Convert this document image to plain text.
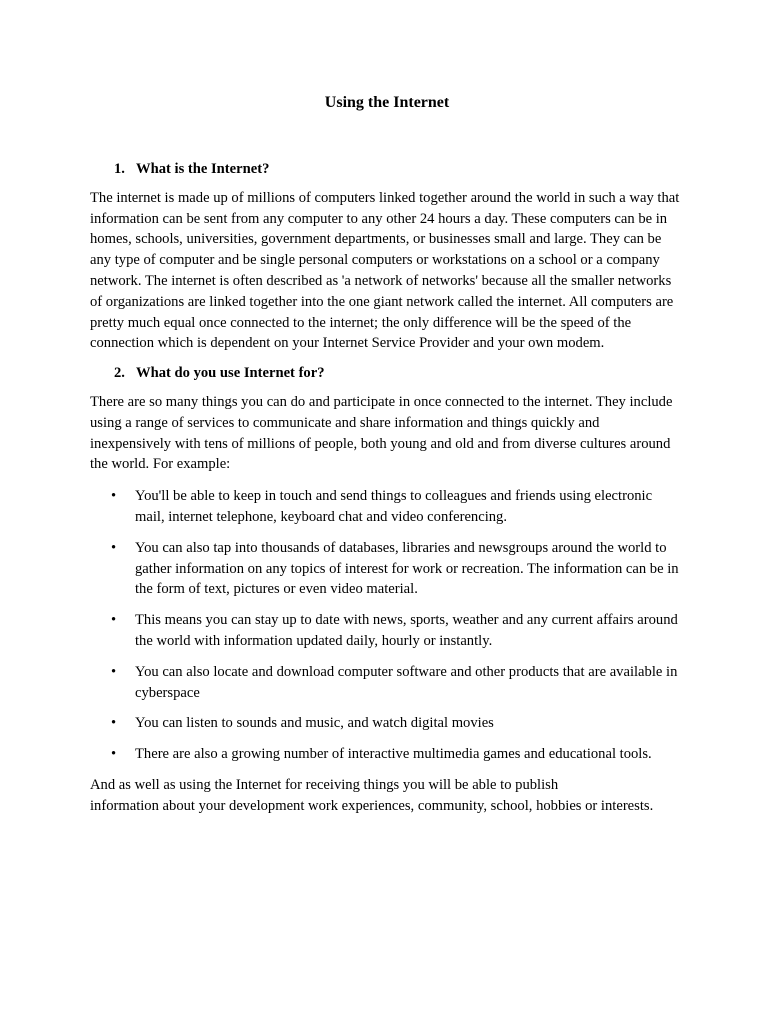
Using the Internet
1. What is the Internet?

The internet is made up of millions of computers linked together around the world in such a way that information can be sent from any computer to any other 24 hours a day. These computers can be in homes, schools, universities, government departments, or businesses small and large. They can be any type of computer and be single personal computers or workstations on a school or a company network. The internet is often described as 'a network of networks' because all the smaller networks of organizations are linked together into the one giant network called the internet. All computers are pretty much equal once connected to the internet; the only difference will be the speed of the connection which is dependent on your Internet Service Provider and your own modem.

2. What do you use Internet for?

There are so many things you can do and participate in once connected to the internet. They include using a range of services to communicate and share information and things quickly and inexpensively with tens of millions of people, both young and old and from diverse cultures around the world. For example:

• You'll be able to keep in touch and send things to colleagues and friends using electronic mail, internet telephone, keyboard chat and video conferencing.
• You can also tap into thousands of databases, libraries and newsgroups around the world to gather information on any topics of interest for work or recreation. The information can be in the form of text, pictures or even video material.
• This means you can stay up to date with news, sports, weather and any current affairs around the world with information updated daily, hourly or instantly.
• You can also locate and download computer software and other products that are available in cyberspace
• You can listen to sounds and music, and watch digital movies
• There are also a growing number of interactive multimedia games and educational tools.

And as well as using the Internet for receiving things you will be able to publish
information about your development work experiences, community, school, hobbies or interests.
